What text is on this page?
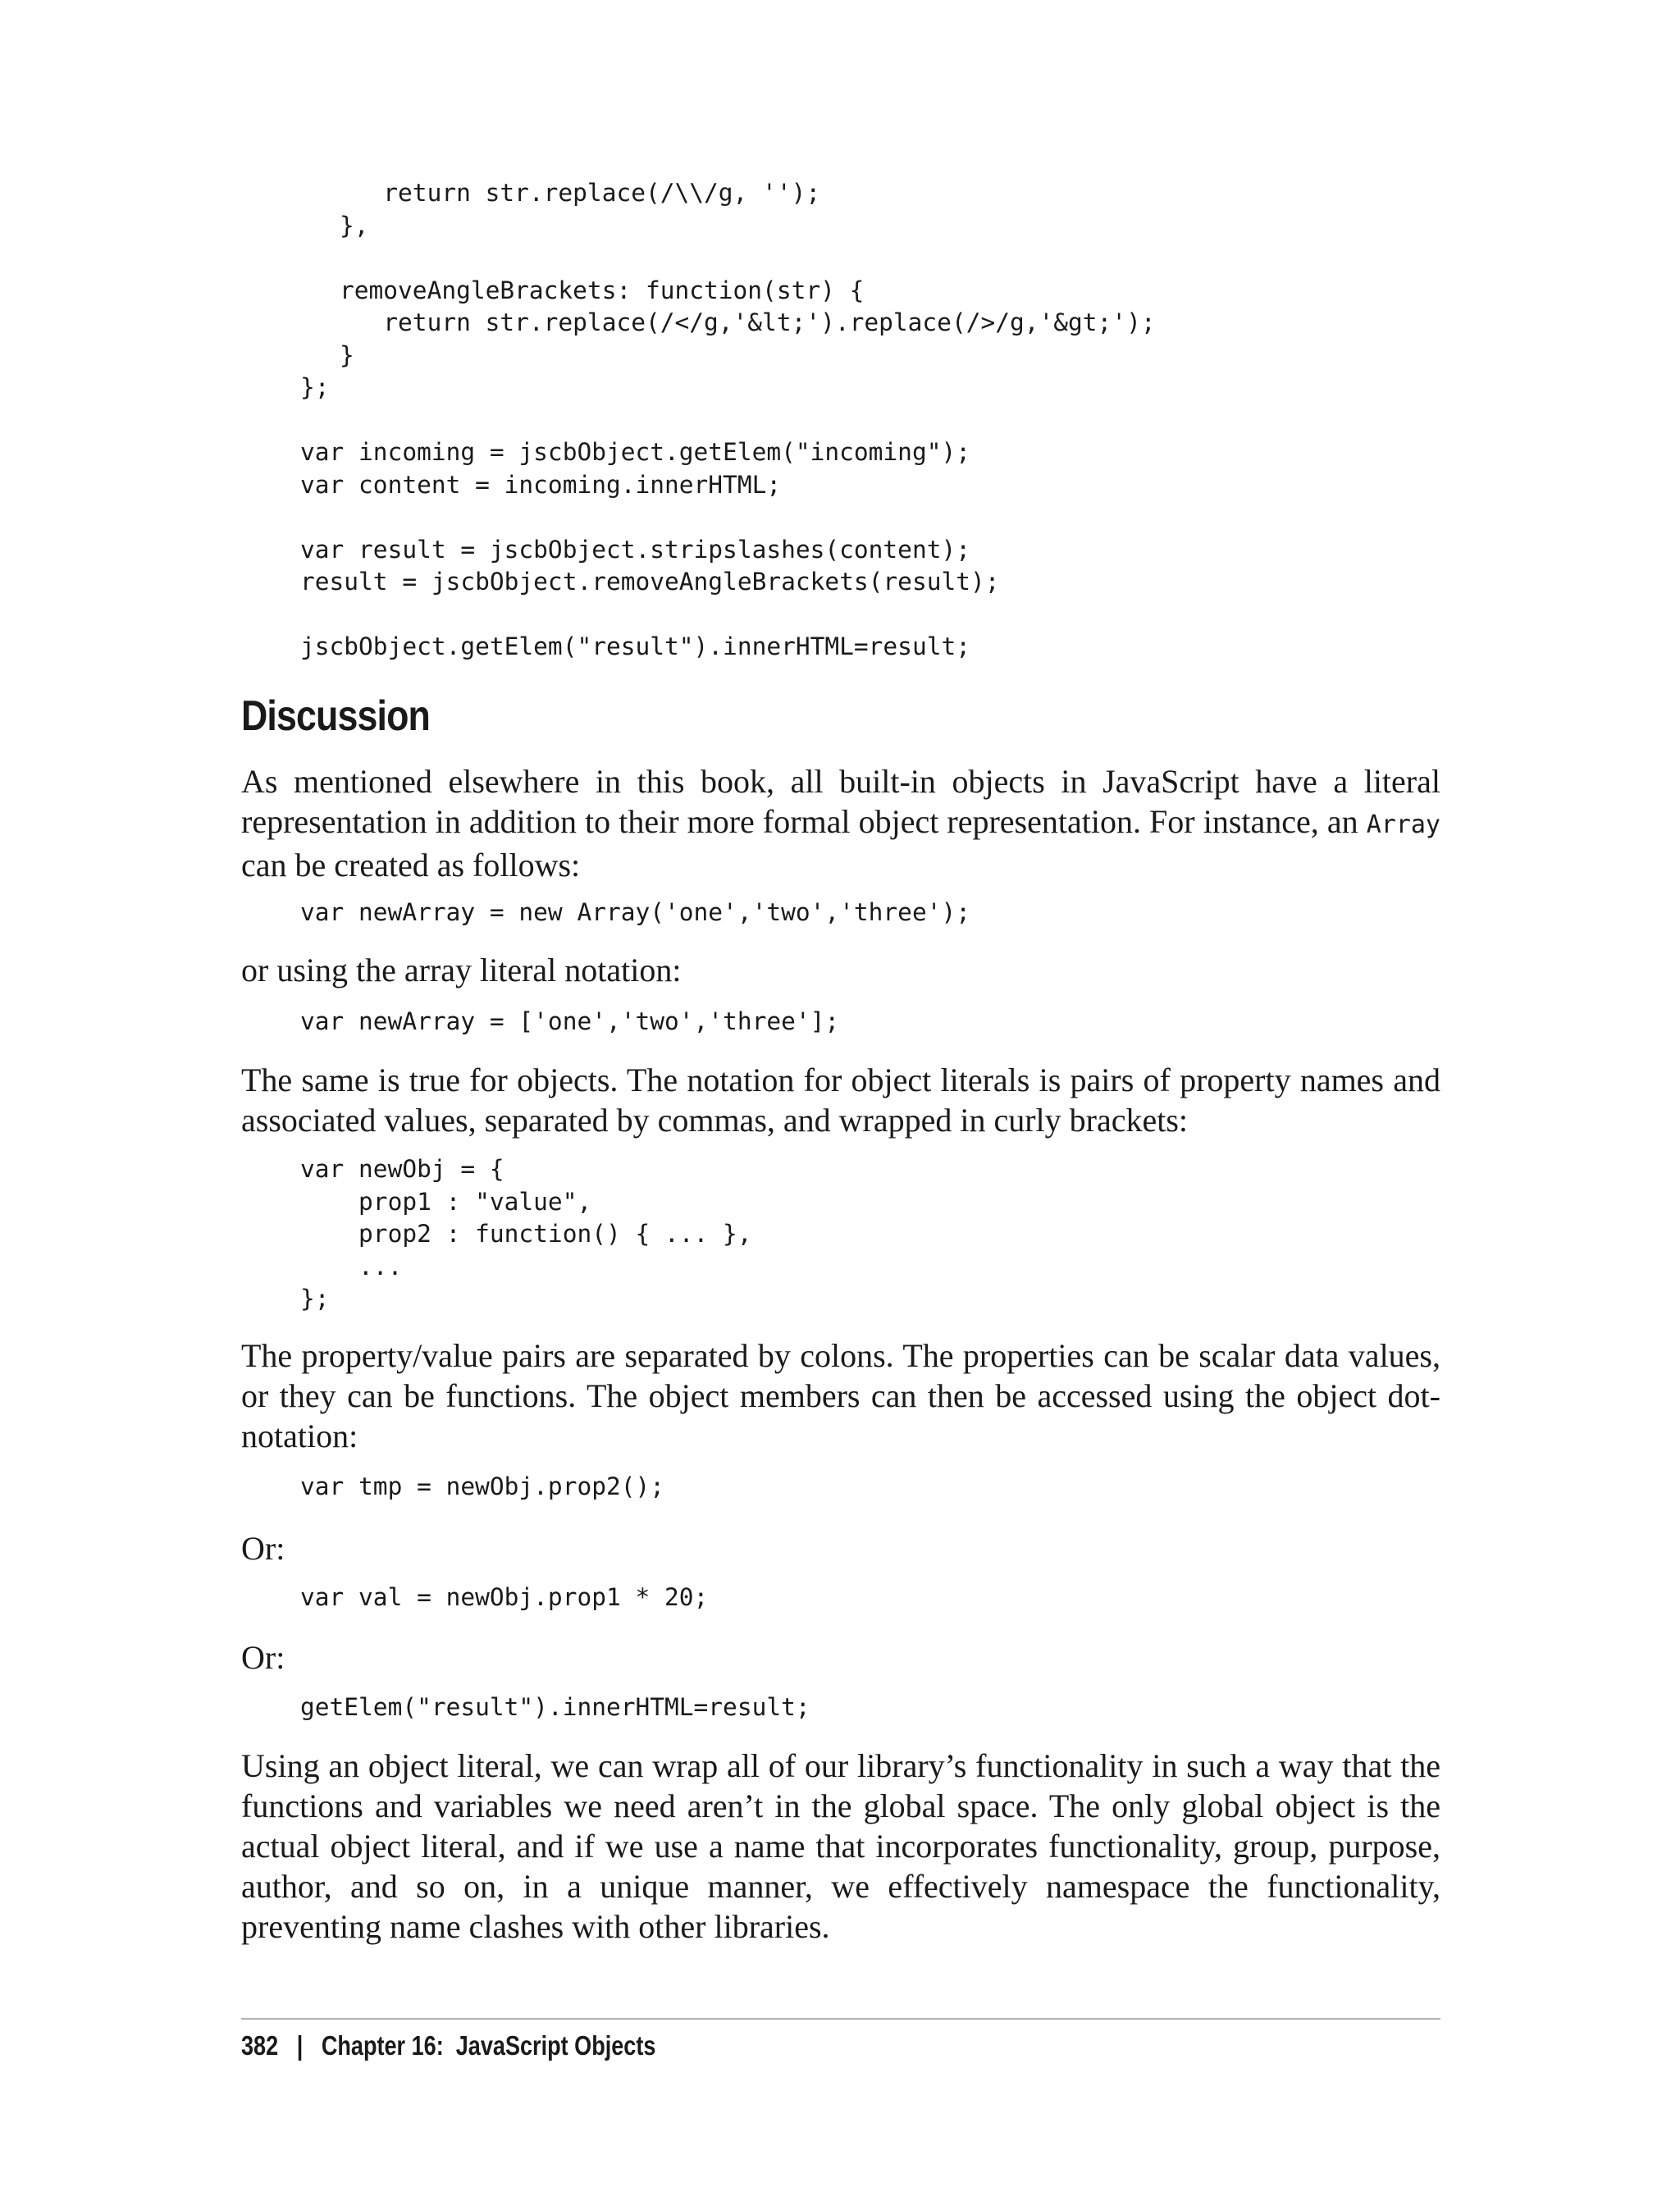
return str.replace(/\\/g, '');
},

removeAngleBrackets: function(str) {
return str.replace(/</g,'&lt;').replace(/>/g,'&gt;');
}
};

var incoming = jscbObject.getElem("incoming");
var content = incoming.innerHTML;

var result = jscbObject.stripslashes(content);
result = jscbObject.removeAngleBrackets(result);

jscbObject.getElem("result").innerHTML=result;
Discussion

As mentioned elsewhere in this book, all built-in objects in JavaScript have a literal representation in addition to their more formal object representation. For instance, an Array can be created as follows:

var newArray = new Array('one','two','three');

or using the array literal notation:

var newArray = ['one','two','three'];

The same is true for objects. The notation for object literals is pairs of property names and associated values, separated by commas, and wrapped in curly brackets:

var newObj = {
prop1 : "value",
prop2 : function() { ... },
...
};

The property/value pairs are separated by colons. The properties can be scalar data values, or they can be functions. The object members can then be accessed using the object dot-notation:

var tmp = newObj.prop2();

Or:

var val = newObj.prop1 * 20;

Or:

getElem("result").innerHTML=result;

Using an object literal, we can wrap all of our library’s functionality in such a way that the functions and variables we need aren’t in the global space. The only global object is the actual object literal, and if we use a name that incorporates functionality, group, purpose, author, and so on, in a unique manner, we effectively namespace the functionality, preventing name clashes with other libraries.

382 | Chapter 16:  JavaScript Objects
